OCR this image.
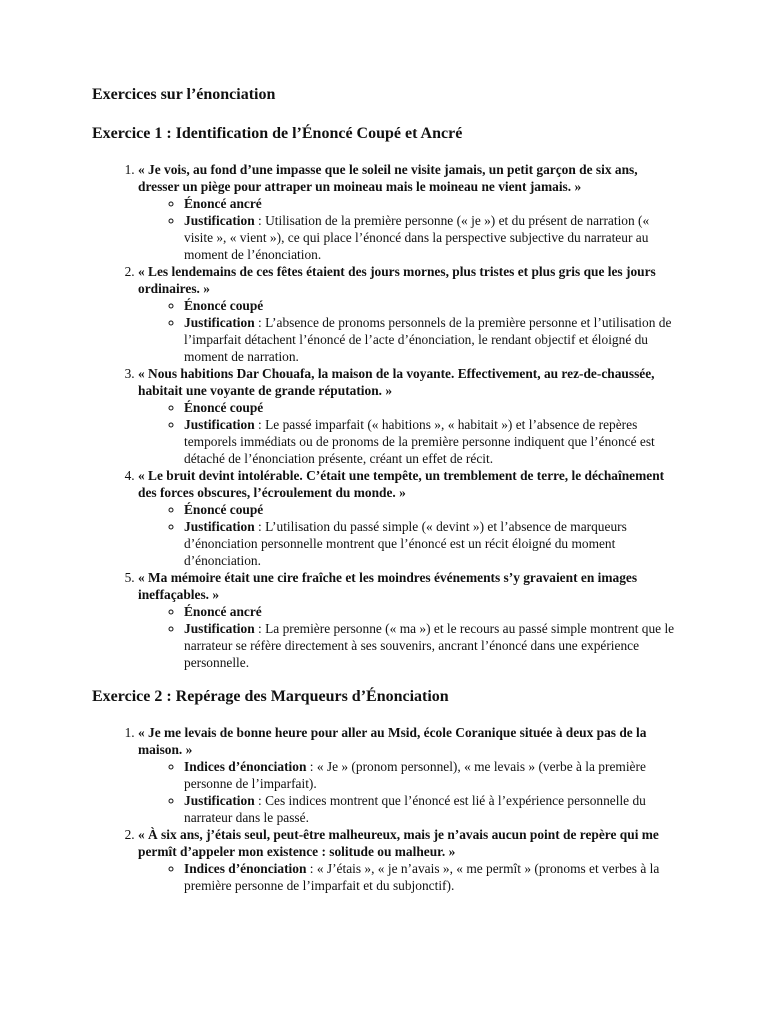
Exercices sur l’énonciation
Exercice 1 : Identification de l’Énoncé Coupé et Ancré
1. « Je vois, au fond d’une impasse que le soleil ne visite jamais, un petit garçon de six ans, dresser un piège pour attraper un moineau mais le moineau ne vient jamais. »
◦ Énoncé ancré
◦ Justification : Utilisation de la première personne (« je ») et du présent de narration (« visite », « vient »), ce qui place l’énoncé dans la perspective subjective du narrateur au moment de l’énonciation.
2. « Les lendemains de ces fêtes étaient des jours mornes, plus tristes et plus gris que les jours ordinaires. »
◦ Énoncé coupé
◦ Justification : L’absence de pronoms personnels de la première personne et l’utilisation de l’imparfait détachent l’énoncé de l’acte d’énonciation, le rendant objectif et éloigné du moment de narration.
3. « Nous habitions Dar Chouafa, la maison de la voyante. Effectivement, au rez-de-chaussée, habitait une voyante de grande réputation. »
◦ Énoncé coupé
◦ Justification : Le passé imparfait (« habitions », « habitait ») et l’absence de repères temporels immédiats ou de pronoms de la première personne indiquent que l’énoncé est détaché de l’énonciation présente, créant un effet de récit.
4. « Le bruit devint intolérable. C’était une tempête, un tremblement de terre, le déchaînement des forces obscures, l’écroulement du monde. »
◦ Énoncé coupé
◦ Justification : L’utilisation du passé simple (« devint ») et l’absence de marqueurs d’énonciation personnelle montrent que l’énoncé est un récit éloigné du moment d’énonciation.
5. « Ma mémoire était une cire fraîche et les moindres événements s’y gravaient en images ineffaçables. »
◦ Énoncé ancré
◦ Justification : La première personne (« ma ») et le recours au passé simple montrent que le narrateur se réfère directement à ses souvenirs, ancrant l’énoncé dans une expérience personnelle.
Exercice 2 : Repérage des Marqueurs d’Énonciation
1. « Je me levais de bonne heure pour aller au Msid, école Coranique située à deux pas de la maison. »
◦ Indices d’énonciation : « Je » (pronom personnel), « me levais » (verbe à la première personne de l’imparfait).
◦ Justification : Ces indices montrent que l’énoncé est lié à l’expérience personnelle du narrateur dans le passé.
2. « À six ans, j’étais seul, peut-être malheureux, mais je n’avais aucun point de repère qui me permît d’appeler mon existence : solitude ou malheur. »
◦ Indices d’énonciation : « J’étais », « je n’avais », « me permît » (pronoms et verbes à la première personne de l’imparfait et du subjonctif).
